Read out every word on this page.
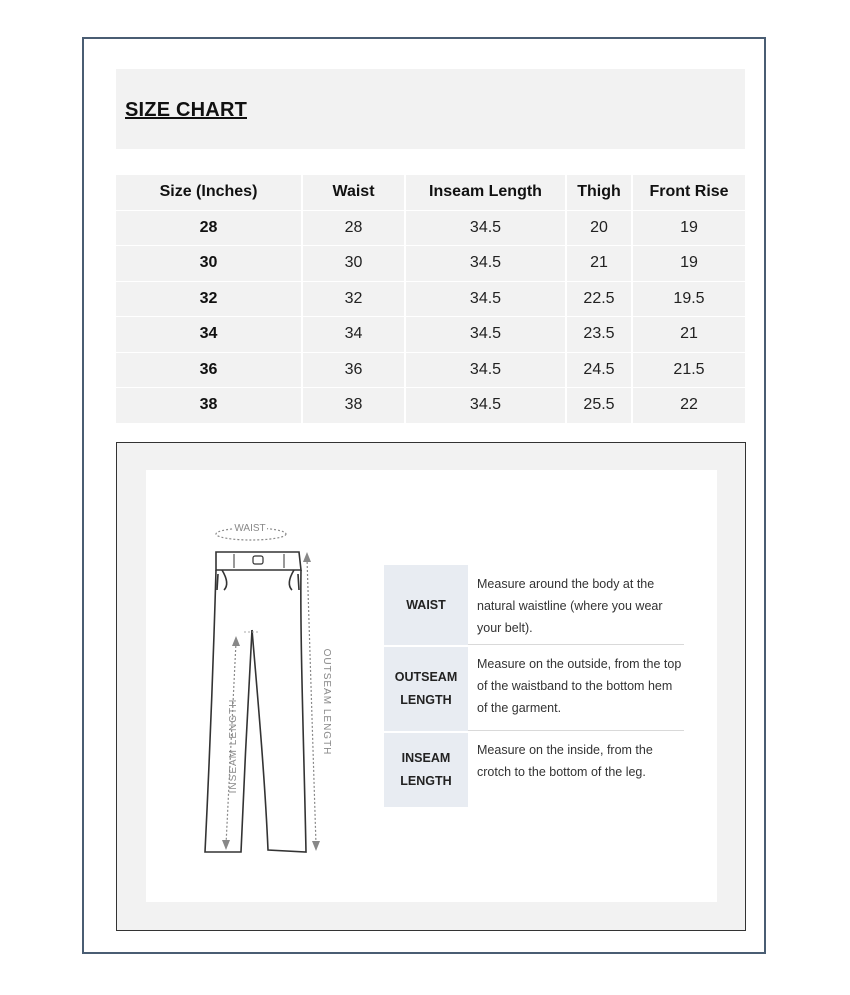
SIZE CHART
Size (Inches)	Waist	Inseam Length	Thigh	Front Rise
28	28	34.5	20	19
30	30	34.5	21	19
32	32	34.5	22.5	19.5
34	34	34.5	23.5	21
36	36	34.5	24.5	21.5
38	38	34.5	25.5	22
WAIST
INSEAM LENGTH	OUTSEAM LENGTH
WAIST
Measure around the body at the natural waistline (where you wear your belt).
OUTSEAM
LENGTH
Measure on the outside, from the top of the waistband to the bottom hem of the garment.
INSEAM
LENGTH
Measure on the inside, from the crotch to the bottom of the leg.
